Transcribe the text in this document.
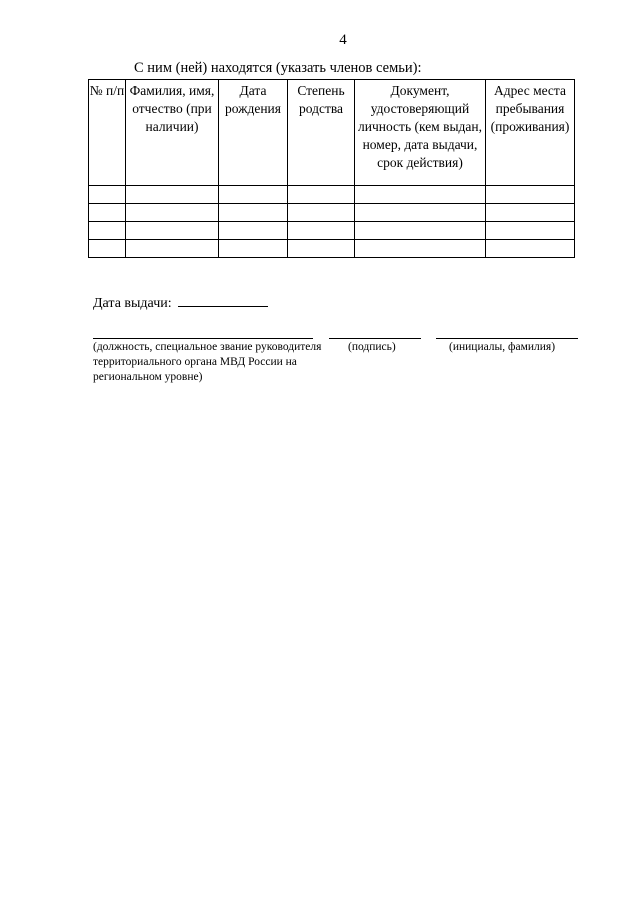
4
С ним (ней) находятся (указать членов семьи):
№ п/п	Фамилия, имя, отчество (при наличии)	Дата рождения	Степень родства	Документ, удостоверяющий личность (кем выдан, номер, дата выдачи, срок действия)	Адрес места пребывания (проживания)

Дата выдачи:
(должность, специальное звание руководителя территориального органа МВД России на региональном уровне)
(подпись)	(инициалы, фамилия)
